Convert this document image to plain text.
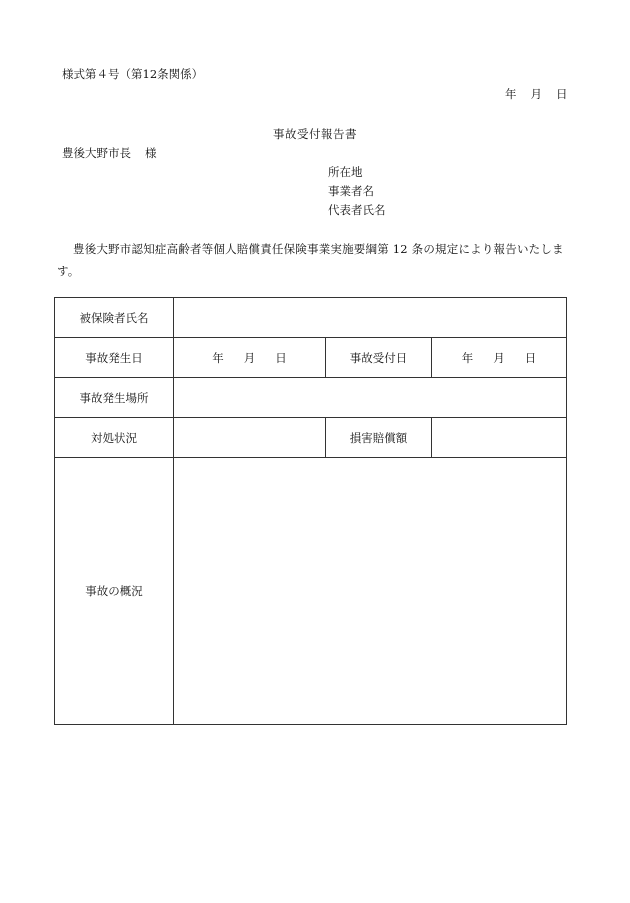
様式第４号（第12条関係）
年 月 日
事故受付報告書
豊後大野市長 様
所在地
事業者名
代表者氏名
豊後大野市認知症高齢者等個人賠償責任保険事業実施要綱第 12 条の規定により報告いたします。
被保険者氏名			
事故発生日	年 月 日	事故受付日	年 月 日
事故発生場所			
対処状況		損害賠償額	
事故の概況			
